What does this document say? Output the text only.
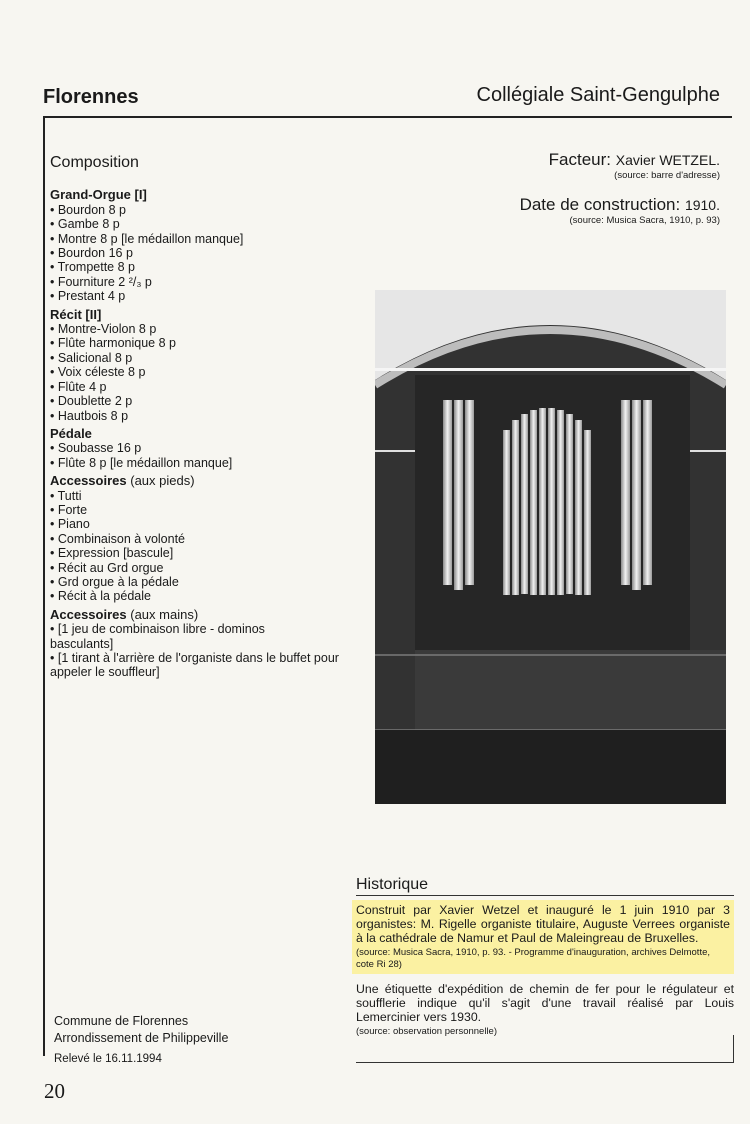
Florennes	Collégiale Saint-Gengulphe
Composition
Grand-Orgue [I]
• Bourdon 8 p
• Gambe 8 p
• Montre 8 p [le médaillon manque]
• Bourdon 16 p
• Trompette 8 p
• Fourniture 2 ²/₃ p
• Prestant 4 p
Récit [II]
• Montre-Violon 8 p
• Flûte harmonique 8 p
• Salicional 8 p
• Voix céleste 8 p
• Flûte 4 p
• Doublette 2 p
• Hautbois 8 p
Pédale
• Soubasse 16 p
• Flûte 8 p [le médaillon manque]
Accessoires (aux pieds)
• Tutti
• Forte
• Piano
• Combinaison à volonté
• Expression [bascule]
• Récit au Grd orgue
• Grd orgue à la pédale
• Récit à la pédale
Accessoires (aux mains)
• [1 jeu de combinaison libre - dominos basculants]
• [1 tirant à l'arrière de l'organiste dans le buffet pour appeler le souffleur]
Facteur: Xavier WETZEL.
(source: barre d'adresse)
Date de construction: 1910.
(source: Musica Sacra, 1910, p. 93)
Historique
Construit par Xavier Wetzel et inauguré le 1 juin 1910 par 3 organistes: M. Rigelle organiste titulaire, Auguste Verrees organiste à la cathédrale de Namur et Paul de Maleingreau de Bruxelles.
(source: Musica Sacra, 1910, p. 93. - Programme d'inauguration, archives Delmotte, cote Ri 28)
Une étiquette d'expédition de chemin de fer pour le régulateur et soufflerie indique qu'il s'agit d'une travail réalisé par Louis Lemercinier vers 1930.
(source: observation personnelle)
Commune de Florennes
Arrondissement de Philippeville
Relevé le 16.11.1994
20
